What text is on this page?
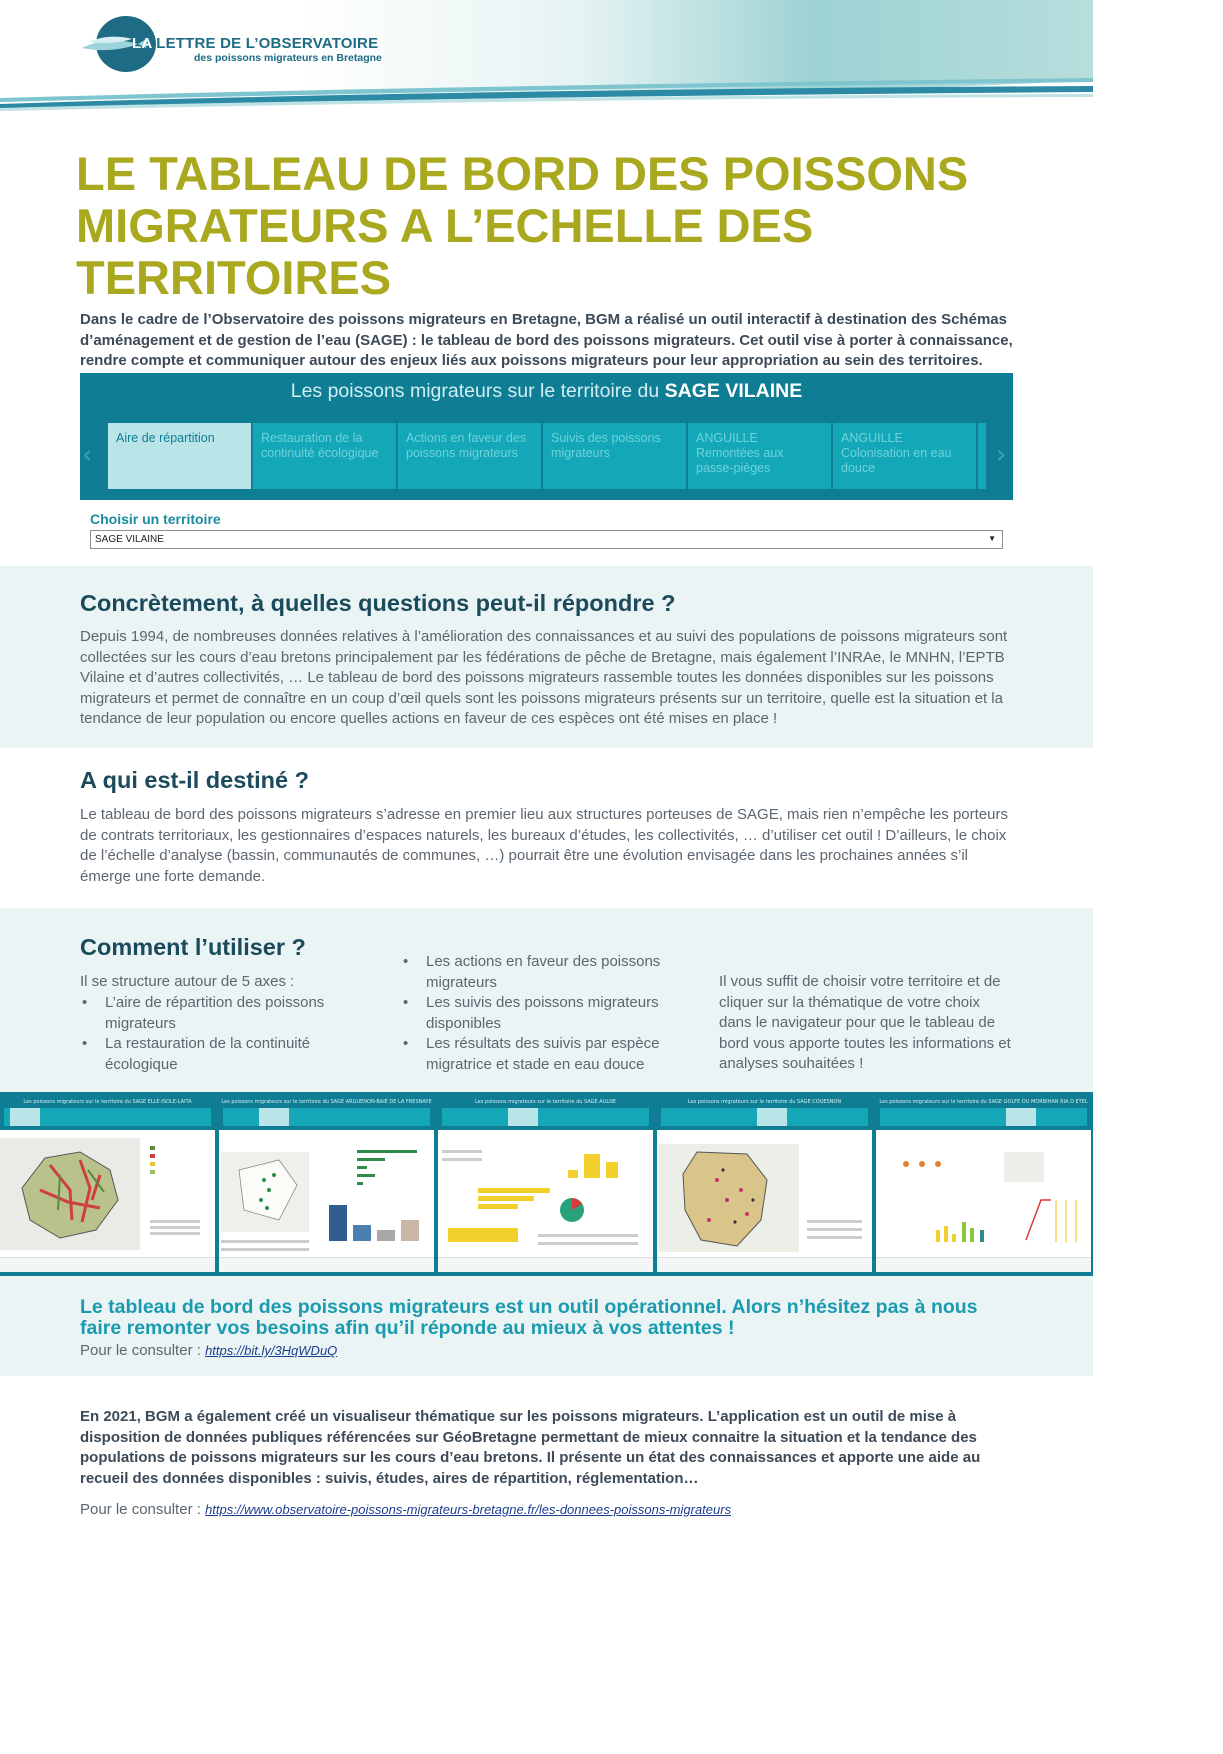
LA LETTRE DE L’OBSERVATOIRE
des poissons migrateurs en Bretagne
LE TABLEAU DE BORD DES POISSONS MIGRATEURS A L’ECHELLE DES TERRITOIRES

Dans le cadre de l’Observatoire des poissons migrateurs en Bretagne, BGM a réalisé un outil interactif à destination des Schémas d’aménagement et de gestion de l’eau (SAGE) : le tableau de bord des poissons migrateurs. Cet outil vise à porter à connaissance, rendre compte et communiquer autour des enjeux liés aux poissons migrateurs pour leur appropriation au sein des territoires.

Les poissons migrateurs sur le territoire du SAGE VILAINE
‹
Aire de répartition	Restauration de la continuité écologique
Actions en faveur des poissons migrateurs
Suivis des poissons migrateurs
ANGUILLE Remontées aux passe-pièges
ANGUILLE Colonisation en eau douce	›
Choisir un territoire
SAGE VILAINE	▼
Concrètement, à quelles questions peut-il répondre ?

Depuis 1994, de nombreuses données relatives à l’amélioration des connaissances et au suivi des populations de poissons migrateurs sont collectées sur les cours d’eau bretons principalement par les fédérations de pêche de Bretagne, mais également l’INRAe, le MNHN, l’EPTB Vilaine et d’autres collectivités, … Le tableau de bord des poissons migrateurs rassemble toutes les données disponibles sur les poissons migrateurs et permet de connaître en un coup d’œil quels sont les poissons migrateurs présents sur un territoire, quelle est la situation et la tendance de leur population ou encore quelles actions en faveur de ces espèces ont été mises en place !

A qui est-il destiné ?

Le tableau de bord des poissons migrateurs s’adresse en premier lieu aux structures porteuses de SAGE, mais rien n’empêche les porteurs de contrats territoriaux, les gestionnaires d’espaces naturels, les bureaux d’études, les collectivités, … d’utiliser cet outil ! D’ailleurs, le choix de l’échelle d’analyse (bassin, communautés de communes, …) pourrait être une évolution envisagée dans les prochaines années s’il émerge une forte demande.

Comment l’utiliser ?

Il se structure autour de 5 axes :

• L’aire de répartition des poissons migrateurs
• La restauration de la continuité écologique
• Les actions en faveur des poissons migrateurs
• Les suivis des poissons migrateurs disponibles
• Les résultats des suivis par espèce migratrice et stade en eau douce

Il vous suffit de choisir votre territoire et de cliquer sur la thématique de votre choix dans le navigateur pour que le tableau de bord vous apporte toutes les informations et analyses souhaitées !

Les poissons migrateurs sur le territoire du SAGE ELLE-ISOLE-LAITA	Les poissons migrateurs sur le territoire du SAGE ARGUENON-BAIE DE LA FRESNAYE	Les poissons migrateurs sur le territoire du SAGE AULNE	Les poissons migrateurs sur le territoire du SAGE COUESNON	Les poissons migrateurs sur le territoire du SAGE GOLFE DU MORBIHAN RIA D ETEL

Le tableau de bord des poissons migrateurs est un outil opérationnel. Alors n’hésitez pas à nous faire remonter vos besoins afin qu’il réponde au mieux à vos attentes !

Pour le consulter : https://bit.ly/3HqWDuQ

En 2021, BGM a également créé un visualiseur thématique sur les poissons migrateurs. L’application est un outil de mise à disposition de données publiques référencées sur GéoBretagne permettant de mieux connaitre la situation et la tendance des populations de poissons migrateurs sur les cours d’eau bretons. Il présente un état des connaissances et apporte une aide au recueil des données disponibles : suivis, études, aires de répartition, réglementation…

Pour le consulter : https://www.observatoire-poissons-migrateurs-bretagne.fr/les-donnees-poissons-migrateurs
